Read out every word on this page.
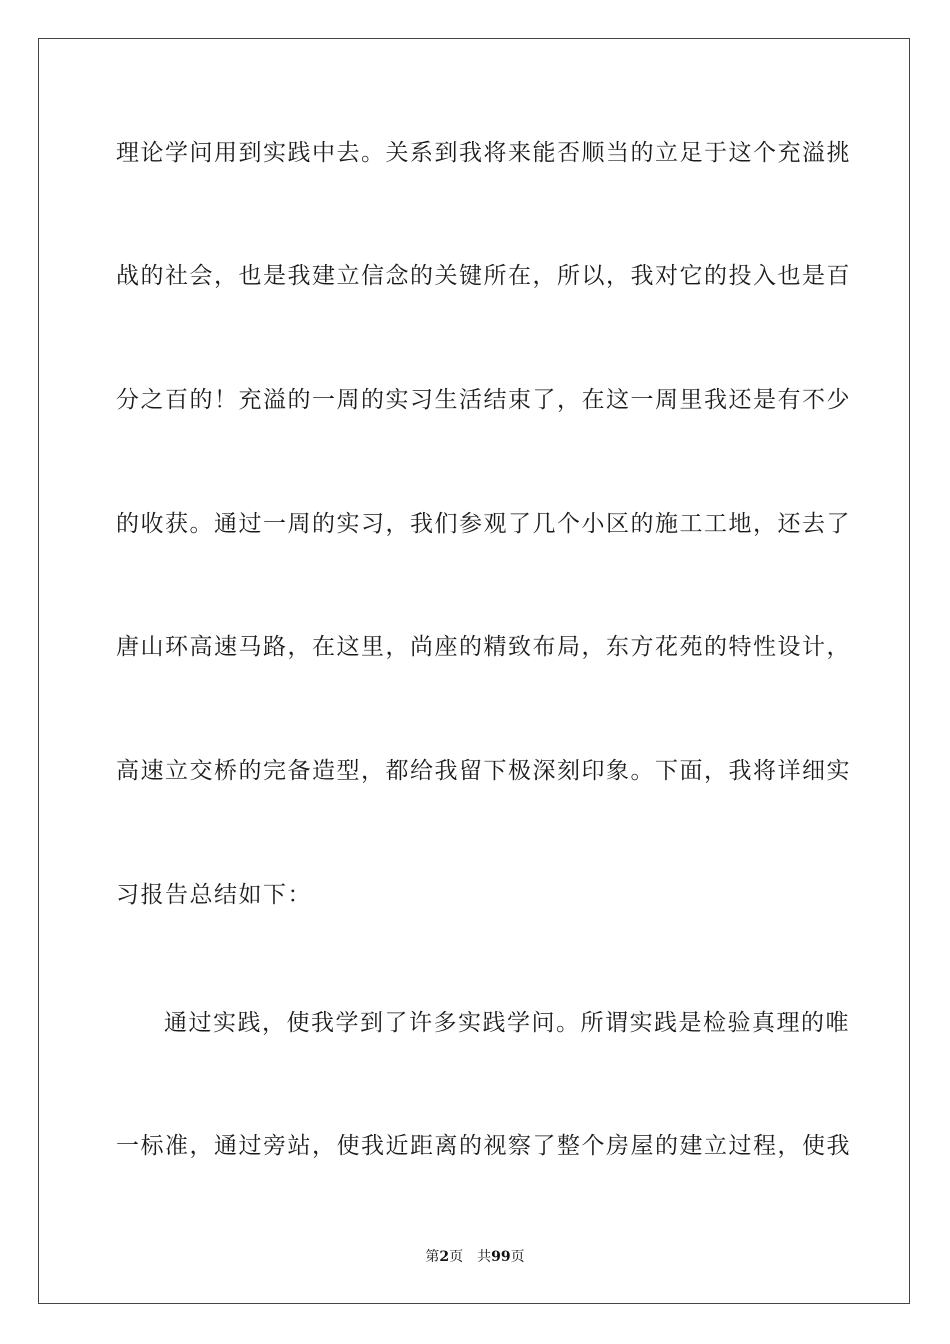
理论学问用到实践中去。关系到我将来能否顺当的立足于这个充溢挑
战的社会，也是我建立信念的关键所在，所以，我对它的投入也是百
分之百的！充溢的一周的实习生活结束了，在这一周里我还是有不少
的收获。通过一周的实习，我们参观了几个小区的施工工地，还去了
唐山环高速马路，在这里，尚座的精致布局，东方花苑的特性设计，
高速立交桥的完备造型，都给我留下极深刻印象。下面，我将详细实
习报告总结如下：
通过实践，使我学到了许多实践学问。所谓实践是检验真理的唯
一标准，通过旁站，使我近距离的视察了整个房屋的建立过程，使我
第2页 共99页
